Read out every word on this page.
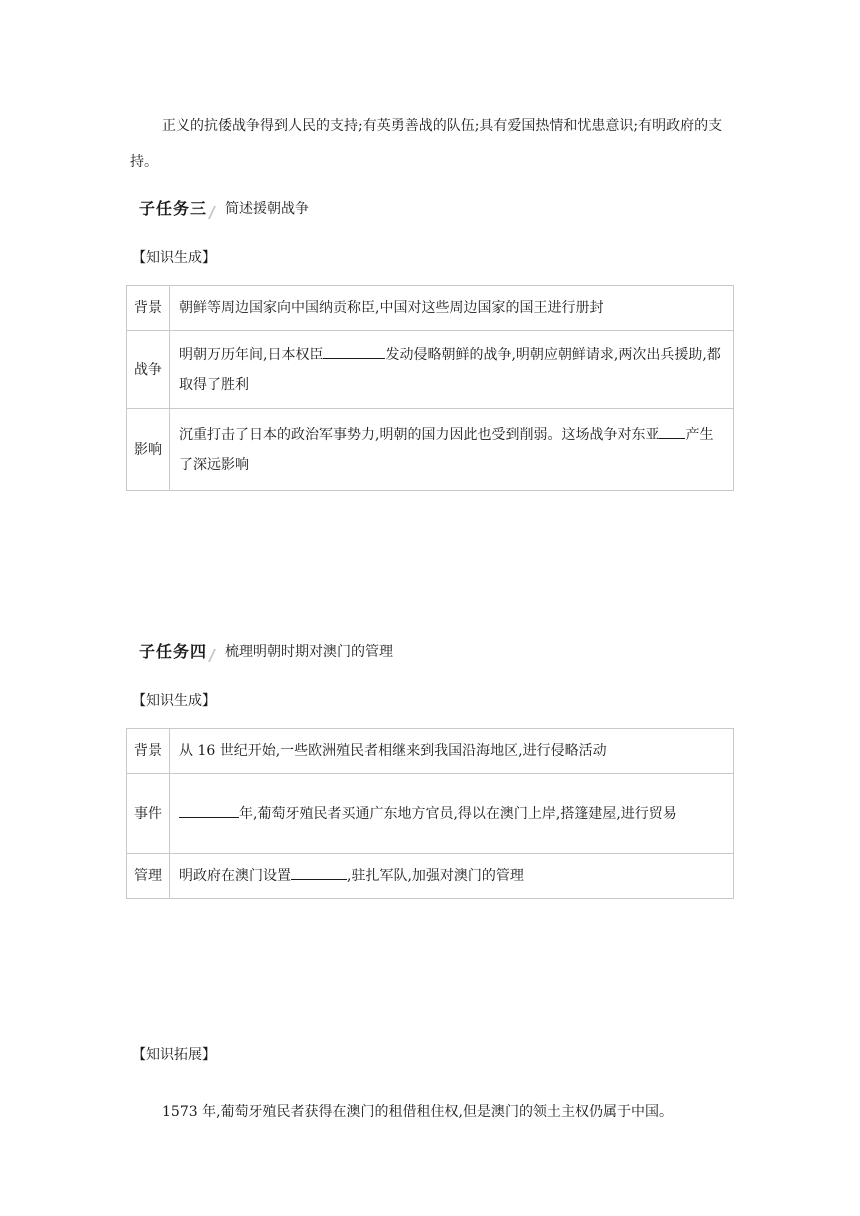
正义的抗倭战争得到人民的支持;有英勇善战的队伍;具有爱国热情和忧患意识;有明政府的支持。

子任务三 简述援朝战争
【知识生成】
背景	朝鲜等周边国家向中国纳贡称臣,中国对这些周边国家的国王进行册封
战争	明朝万历年间,日本权臣 发动侵略朝鲜的战争,明朝应朝鲜请求,两次出兵援助,都取得了胜利
影响	沉重打击了日本的政治军事势力,明朝的国力因此也受到削弱。这场战争对东亚 产生了深远影响
子任务四 梳理明朝时期对澳门的管理
【知识生成】
背景	从 16 世纪开始,一些欧洲殖民者相继来到我国沿海地区,进行侵略活动
事件	年,葡萄牙殖民者买通广东地方官员,得以在澳门上岸,搭篷建屋,进行贸易
管理	明政府在澳门设置 ,驻扎军队,加强对澳门的管理
【知识拓展】

1573 年,葡萄牙殖民者获得在澳门的租借租住权,但是澳门的领土主权仍属于中国。
